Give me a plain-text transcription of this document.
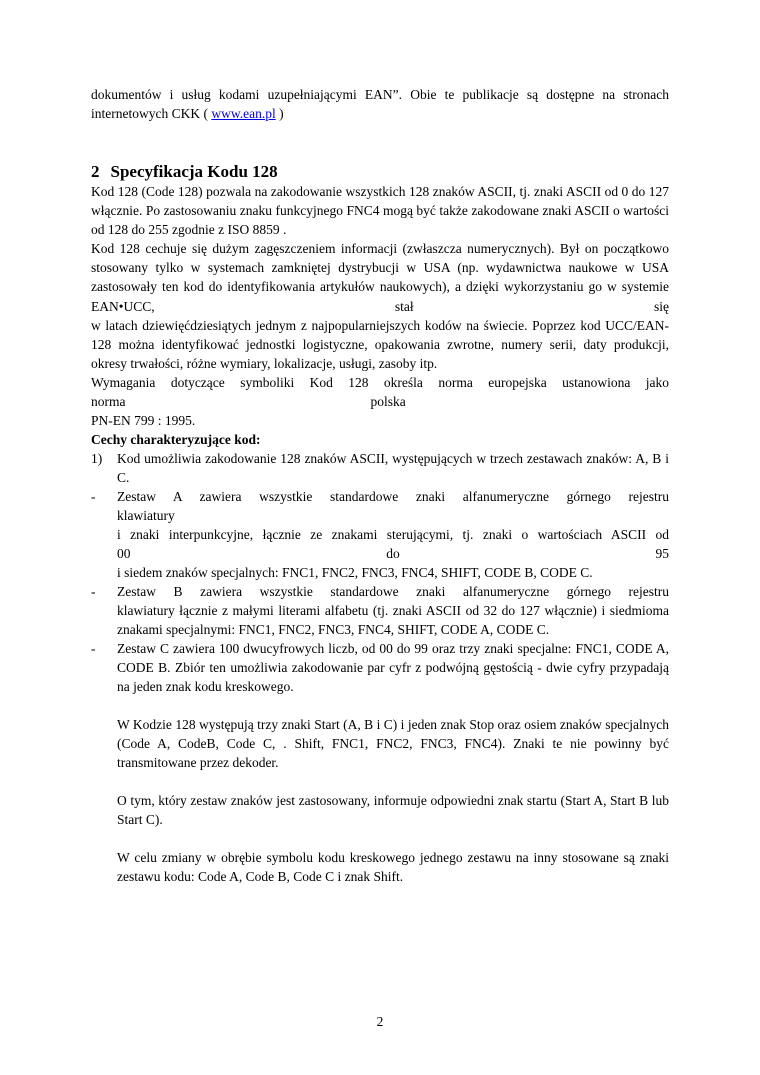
dokumentów i usług kodami uzupełniającymi EAN”. Obie te publikacje są dostępne na stronach internetowych CKK ( www.ean.pl )

2 Specyfikacja Kodu 128

Kod 128 (Code 128) pozwala na zakodowanie wszystkich 128 znaków ASCII, tj. znaki ASCII od 0 do 127 włącznie. Po zastosowaniu znaku funkcyjnego FNC4 mogą być także zakodowane znaki ASCII o wartości od 128 do 255 zgodnie z ISO 8859 .

Kod 128 cechuje się dużym zagęszczeniem informacji (zwłaszcza numerycznych). Był on początkowo stosowany tylko w systemach zamkniętej dystrybucji w USA (np. wydawnictwa naukowe w USA zastosowały ten kod do identyfikowania artykułów naukowych), a dzięki wykorzystaniu go w systemie EAN•UCC, stał się
w latach dziewięćdziesiątych jednym z najpopularniejszych kodów na świecie. Poprzez kod UCC/EAN-128 można identyfikować jednostki logistyczne, opakowania zwrotne, numery serii, daty produkcji, okresy trwałości, różne wymiary, lokalizacje, usługi, zasoby itp.
Wymagania dotyczące symboliki Kod 128 określa norma europejska ustanowiona jako
norma	polska
PN-EN 799 : 1995.

Cechy charakteryzujące kod:

1)	Kod umożliwia zakodowanie 128 znaków ASCII, występujących w trzech zestawach znaków: A, B i C.
-	Zestaw A zawiera wszystkie standardowe znaki alfanumeryczne górnego rejestru
klawiatury
i znaki interpunkcyjne, łącznie ze znakami sterującymi, tj. znaki o wartościach ASCII od
00 do 95
i siedem znaków specjalnych: FNC1, FNC2, FNC3, FNC4, SHIFT, CODE B, CODE C.
-	Zestaw B zawiera wszystkie standardowe znaki alfanumeryczne górnego rejestru
klawiatury łącznie z małymi literami alfabetu (tj. znaki ASCII od 32 do 127 włącznie) i siedmioma znakami specjalnymi: FNC1, FNC2, FNC3, FNC4, SHIFT, CODE A, CODE C.
-	Zestaw C zawiera 100 dwucyfrowych liczb, od 00 do 99 oraz trzy znaki specjalne: FNC1, CODE A, CODE B. Zbiór ten umożliwia zakodowanie par cyfr z podwójną gęstością - dwie cyfry przypadają na jeden znak kodu kreskowego.
W Kodzie 128 występują trzy znaki Start (A, B i C) i jeden znak Stop oraz osiem znaków specjalnych (Code A, CodeB, Code C, . Shift, FNC1, FNC2, FNC3, FNC4). Znaki te nie powinny być transmitowane przez dekoder.
O tym, który zestaw znaków jest zastosowany, informuje odpowiedni znak startu (Start A, Start B lub Start C).
W celu zmiany w obrębie symbolu kodu kreskowego jednego zestawu na inny stosowane są znaki zestawu kodu: Code A, Code B, Code C i znak Shift.
2
